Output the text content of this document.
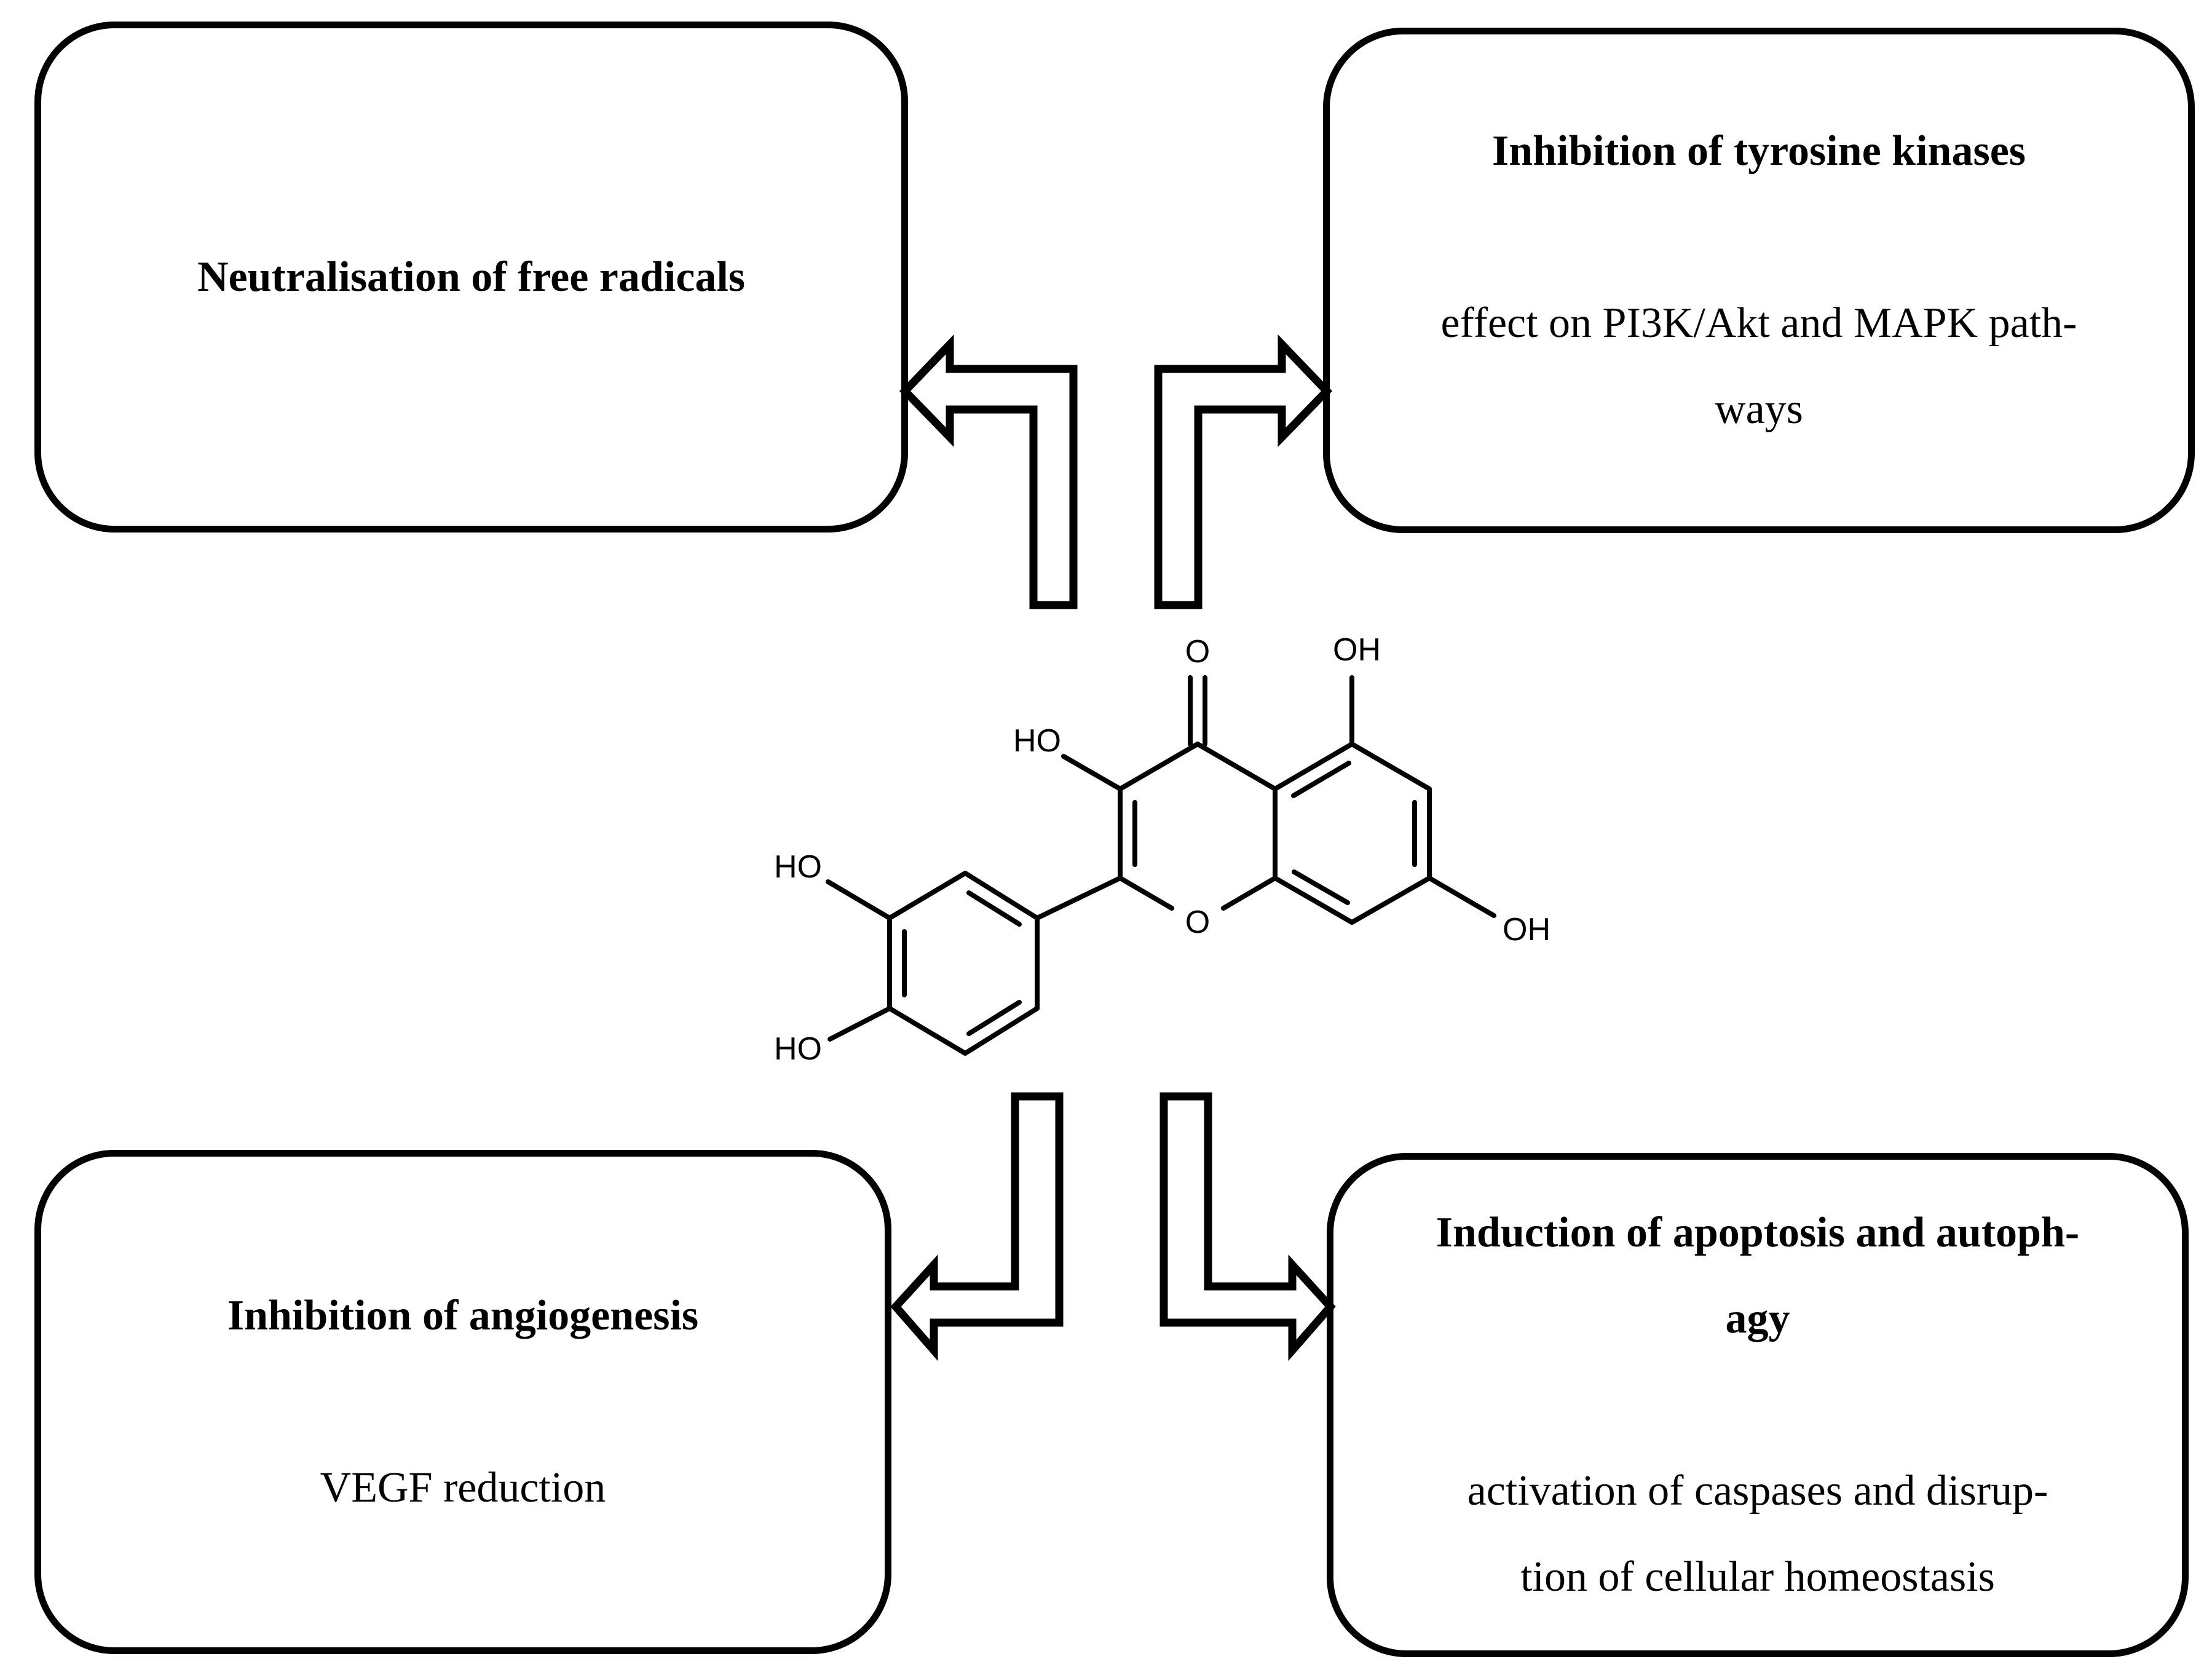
Neutralisation of free radicals
Inhibition of tyrosine kinases
effect on PI3K/Akt and MAPK path-
ways
Inhibition of angiogenesis
VEGF reduction
Induction of apoptosis and autoph-
agy
activation of caspases and disrup-
tion of cellular homeostasis
O	OH
HO
O	OH
HO
HO
